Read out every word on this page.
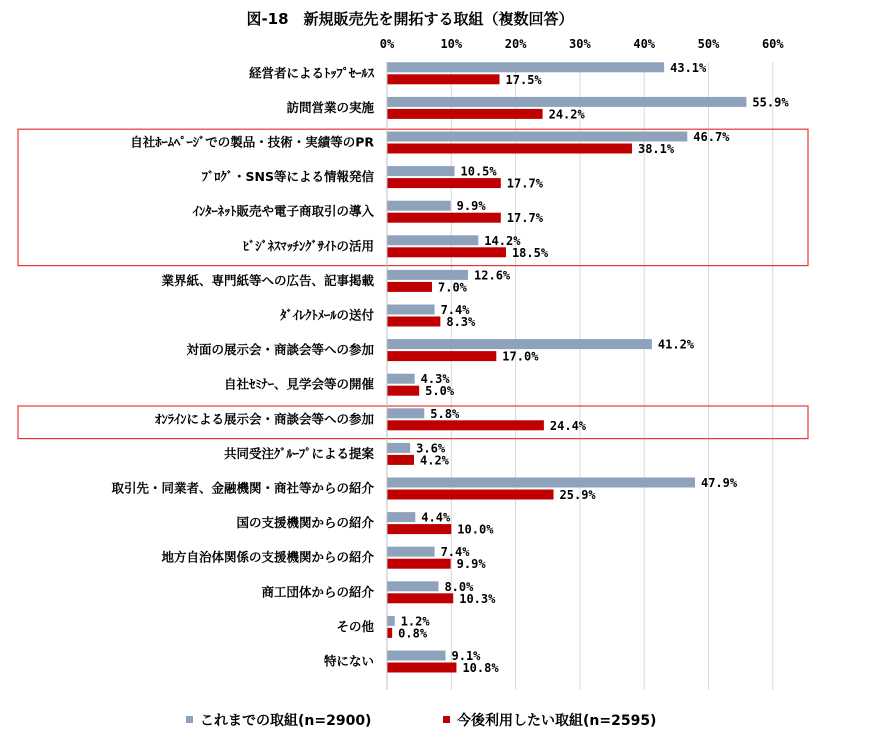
図-18　新規販売先を開拓する取組（複数回答）
0%	10%	20%	30%	40%	50%	60%
経営者によるﾄｯﾌﾟｾｰﾙｽ
訪問営業の実施
自社ﾎｰﾑﾍﾟｰｼﾞでの製品・技術・実績等のPR
ﾌﾞﾛｸﾞ・SNS等による情報発信
ｲﾝﾀｰﾈｯﾄ販売や電子商取引の導入
ﾋﾞｼﾞﾈｽﾏｯﾁﾝｸﾞｻｲﾄの活用
業界紙、専門紙等への広告、記事掲載
ﾀﾞｲﾚｸﾄﾒｰﾙの送付
対面の展示会・商談会等への参加
自社ｾﾐﾅｰ、見学会等の開催
ｵﾝﾗｲﾝによる展示会・商談会等への参加
共同受注ｸﾞﾙｰﾌﾟによる提案
取引先・同業者、金融機関・商社等からの紹介
国の支援機関からの紹介
地方自治体関係の支援機関からの紹介
商工団体からの紹介
その他
特にない
43.1%
17.5%
55.9%
24.2%
46.7%
38.1%
10.5%
17.7%
9.9%
17.7%
14.2%
18.5%
12.6%
7.0%
7.4%
8.3%
41.2%
17.0%
4.3%
5.0%
5.8%
24.4%
3.6%
4.2%
47.9%
25.9%
4.4%
10.0%
7.4%
9.9%
8.0%
10.3%
1.2%
0.8%
9.1%
10.8%
これまでの取組(n=2900)	今後利用したい取組(n=2595)
